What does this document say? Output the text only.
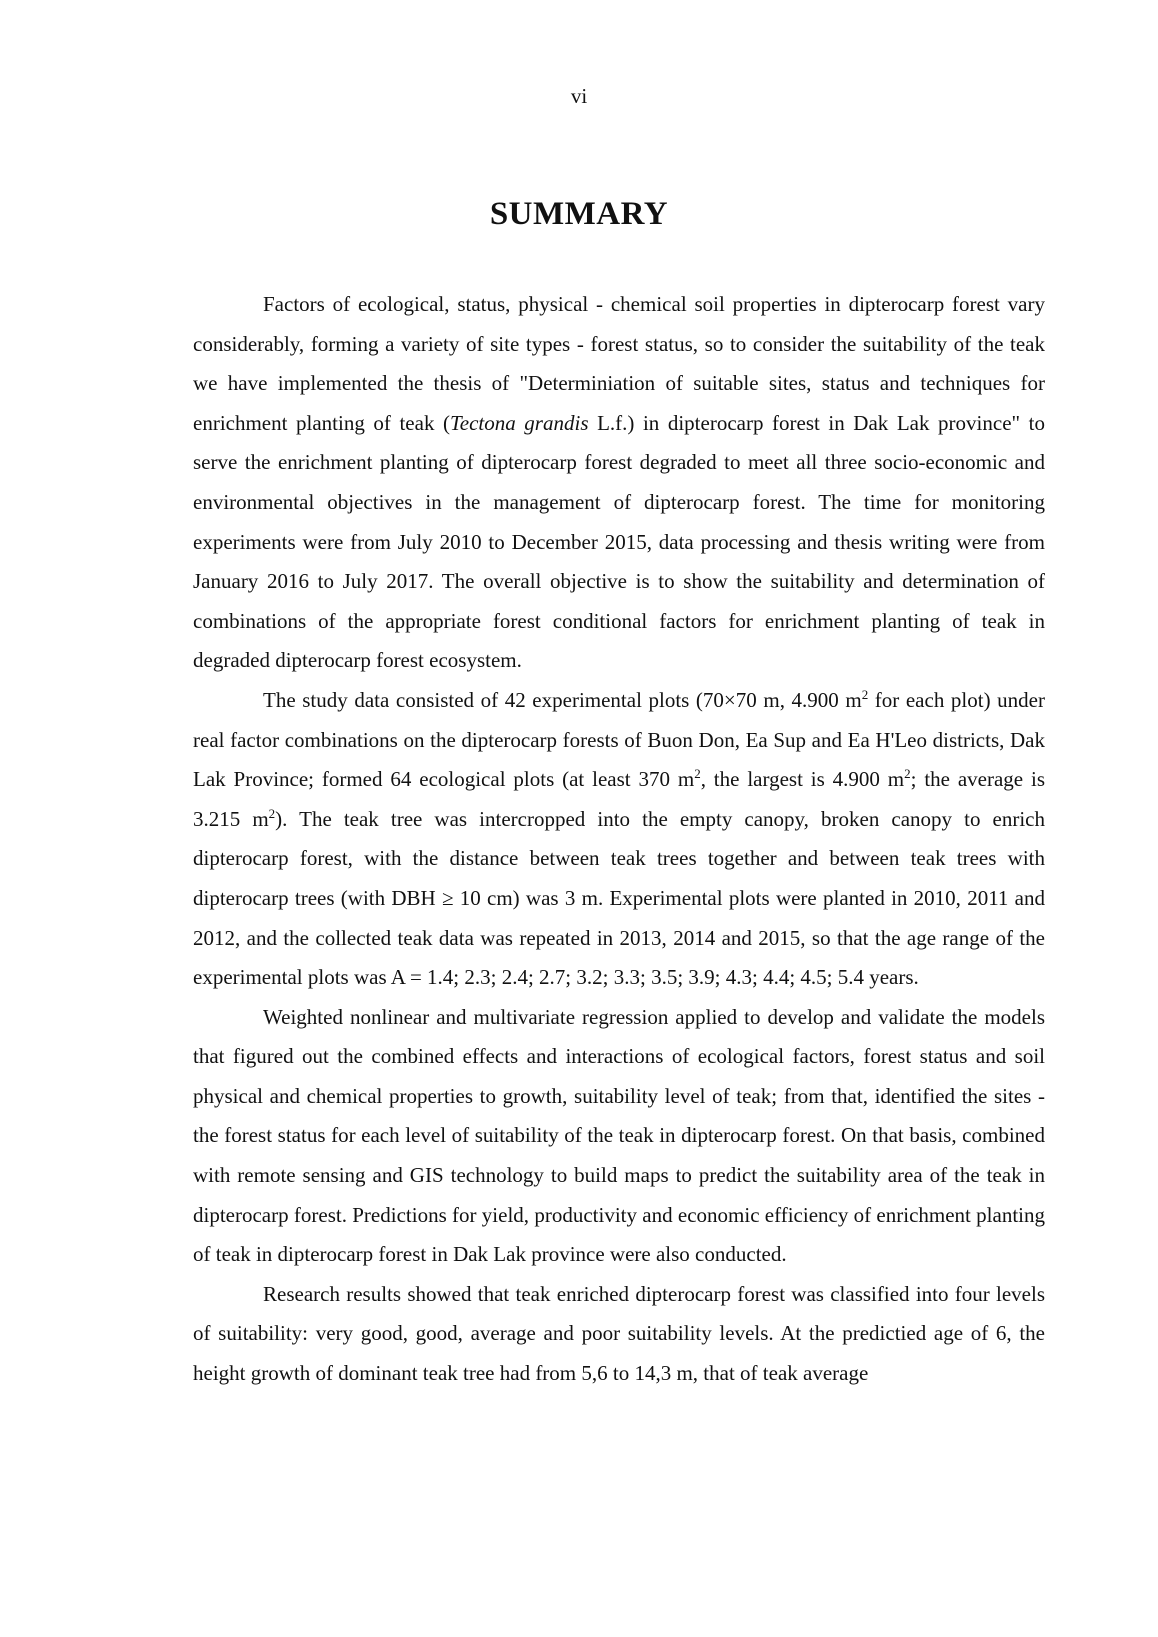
vi
SUMMARY

Factors of ecological, status, physical - chemical soil properties in dipterocarp forest vary considerably, forming a variety of site types - forest status, so to consider the suitability of the teak we have implemented the thesis of "Determiniation of suitable sites, status and techniques for enrichment planting of teak (Tectona grandis L.f.) in dipterocarp forest in Dak Lak province" to serve the enrichment planting of dipterocarp forest degraded to meet all three socio-economic and environmental objectives in the management of dipterocarp forest. The time for monitoring experiments were from July 2010 to December 2015, data processing and thesis writing were from January 2016 to July 2017. The overall objective is to show the suitability and determination of combinations of the appropriate forest conditional factors for enrichment planting of teak in degraded dipterocarp forest ecosystem.

The study data consisted of 42 experimental plots (70×70 m, 4.900 $m^2$ for each plot) under real factor combinations on the dipterocarp forests of Buon Don, Ea Sup and Ea H'Leo districts, Dak Lak Province; formed 64 ecological plots (at least 370 $m^2$, the largest is 4.900 $m^2$; the average is 3.215 $m^2$). The teak tree was intercropped into the empty canopy, broken canopy to enrich dipterocarp forest, with the distance between teak trees together and between teak trees with dipterocarp trees (with DBH ≥ 10 cm) was 3 m. Experimental plots were planted in 2010, 2011 and 2012, and the collected teak data was repeated in 2013, 2014 and 2015, so that the age range of the experimental plots was A = 1.4; 2.3; 2.4; 2.7; 3.2; 3.3; 3.5; 3.9; 4.3; 4.4; 4.5; 5.4 years.

Weighted nonlinear and multivariate regression applied to develop and validate the models that figured out the combined effects and interactions of ecological factors, forest status and soil physical and chemical properties to growth, suitability level of teak; from that, identified the sites - the forest status for each level of suitability of the teak in dipterocarp forest. On that basis, combined with remote sensing and GIS technology to build maps to predict the suitability area of the teak in dipterocarp forest. Predictions for yield, productivity and economic efficiency of enrichment planting of teak in dipterocarp forest in Dak Lak province were also conducted.

Research results showed that teak enriched dipterocarp forest was classified into four levels of suitability: very good, good, average and poor suitability levels. At the predictied age of 6, the height growth of dominant teak tree had from 5,6 to 14,3 m, that of teak average
